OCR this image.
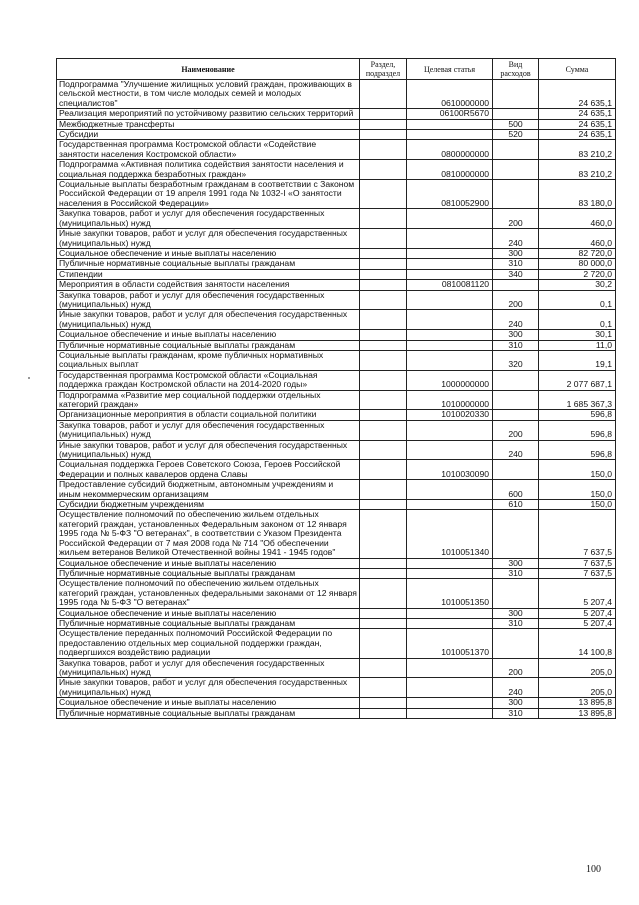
Наименование	Раздел, подраздел	Целевая статья	Вид расходов	Сумма
Подпрограмма "Улучшение жилищных условий граждан, проживающих в сельской местности, в том числе молодых семей и молодых специалистов"		0610000000		24 635,1
Реализация мероприятий по устойчивому развитию сельских территорий		06100R5670		24 635,1
Межбюджетные трансферты			500	24 635,1
Субсидии			520	24 635,1
Государственная программа Костромской области «Содействие занятости населения Костромской области»		0800000000		83 210,2
Подпрограмма «Активная политика содействия занятости населения и социальная поддержка безработных граждан»		0810000000		83 210,2
Социальные выплаты безработным гражданам в соответствии с Законом Российской Федерации от 19 апреля 1991 года № 1032-I «О занятости населения в Российской Федерации»		0810052900		83 180,0
Закупка товаров, работ и услуг для обеспечения государственных (муниципальных) нужд			200	460,0
Иные закупки товаров, работ и услуг для обеспечения государственных (муниципальных) нужд			240	460,0
Социальное обеспечение и иные выплаты населению			300	82 720,0
Публичные нормативные социальные выплаты гражданам			310	80 000,0
Стипендии			340	2 720,0
Мероприятия в области содействия занятости населения		0810081120		30,2
Закупка товаров, работ и услуг для обеспечения государственных (муниципальных) нужд			200	0,1
Иные закупки товаров, работ и услуг для обеспечения государственных (муниципальных) нужд			240	0,1
Социальное обеспечение и иные выплаты населению			300	30,1
Публичные нормативные социальные выплаты гражданам			310	11,0
Социальные выплаты гражданам, кроме публичных нормативных социальных выплат			320	19,1
Государственная программа Костромской области «Социальная поддержка граждан Костромской области на 2014-2020 годы»		1000000000		2 077 687,1
Подпрограмма «Развитие мер социальной поддержки отдельных категорий граждан»		1010000000		1 685 367,3
Организационные мероприятия в области социальной политики		1010020330		596,8
Закупка товаров, работ и услуг для обеспечения государственных (муниципальных) нужд			200	596,8
Иные закупки товаров, работ и услуг для обеспечения государственных (муниципальных) нужд			240	596,8
Социальная поддержка Героев Советского Союза, Героев Российской Федерации и полных кавалеров ордена Славы		1010030090		150,0
Предоставление субсидий бюджетным, автономным учреждениям и иным некоммерческим организациям			600	150,0
Субсидии бюджетным учреждениям			610	150,0
Осуществление полномочий по обеспечению жильем отдельных категорий граждан, установленных Федеральным законом от 12 января 1995 года № 5-ФЗ "О ветеранах", в соответствии с Указом Президента Российской Федерации от 7 мая 2008 года № 714 "Об обеспечении жильем ветеранов Великой Отечественной войны 1941 - 1945 годов"		1010051340		7 637,5
Социальное обеспечение и иные выплаты населению			300	7 637,5
Публичные нормативные социальные выплаты гражданам			310	7 637,5
Осуществление полномочий по обеспечению жильем отдельных категорий граждан, установленных федеральными законами от 12 января 1995 года № 5-ФЗ "О ветеранах"		1010051350		5 207,4
Социальное обеспечение и иные выплаты населению			300	5 207,4
Публичные нормативные социальные выплаты гражданам			310	5 207,4
Осуществление переданных полномочий Российской Федерации по предоставлению отдельных мер социальной поддержки граждан, подвергшихся воздействию радиации		1010051370		14 100,8
Закупка товаров, работ и услуг для обеспечения государственных (муниципальных) нужд			200	205,0
Иные закупки товаров, работ и услуг для обеспечения государственных (муниципальных) нужд			240	205,0
Социальное обеспечение и иные выплаты населению			300	13 895,8
Публичные нормативные социальные выплаты гражданам			310	13 895,8
100
